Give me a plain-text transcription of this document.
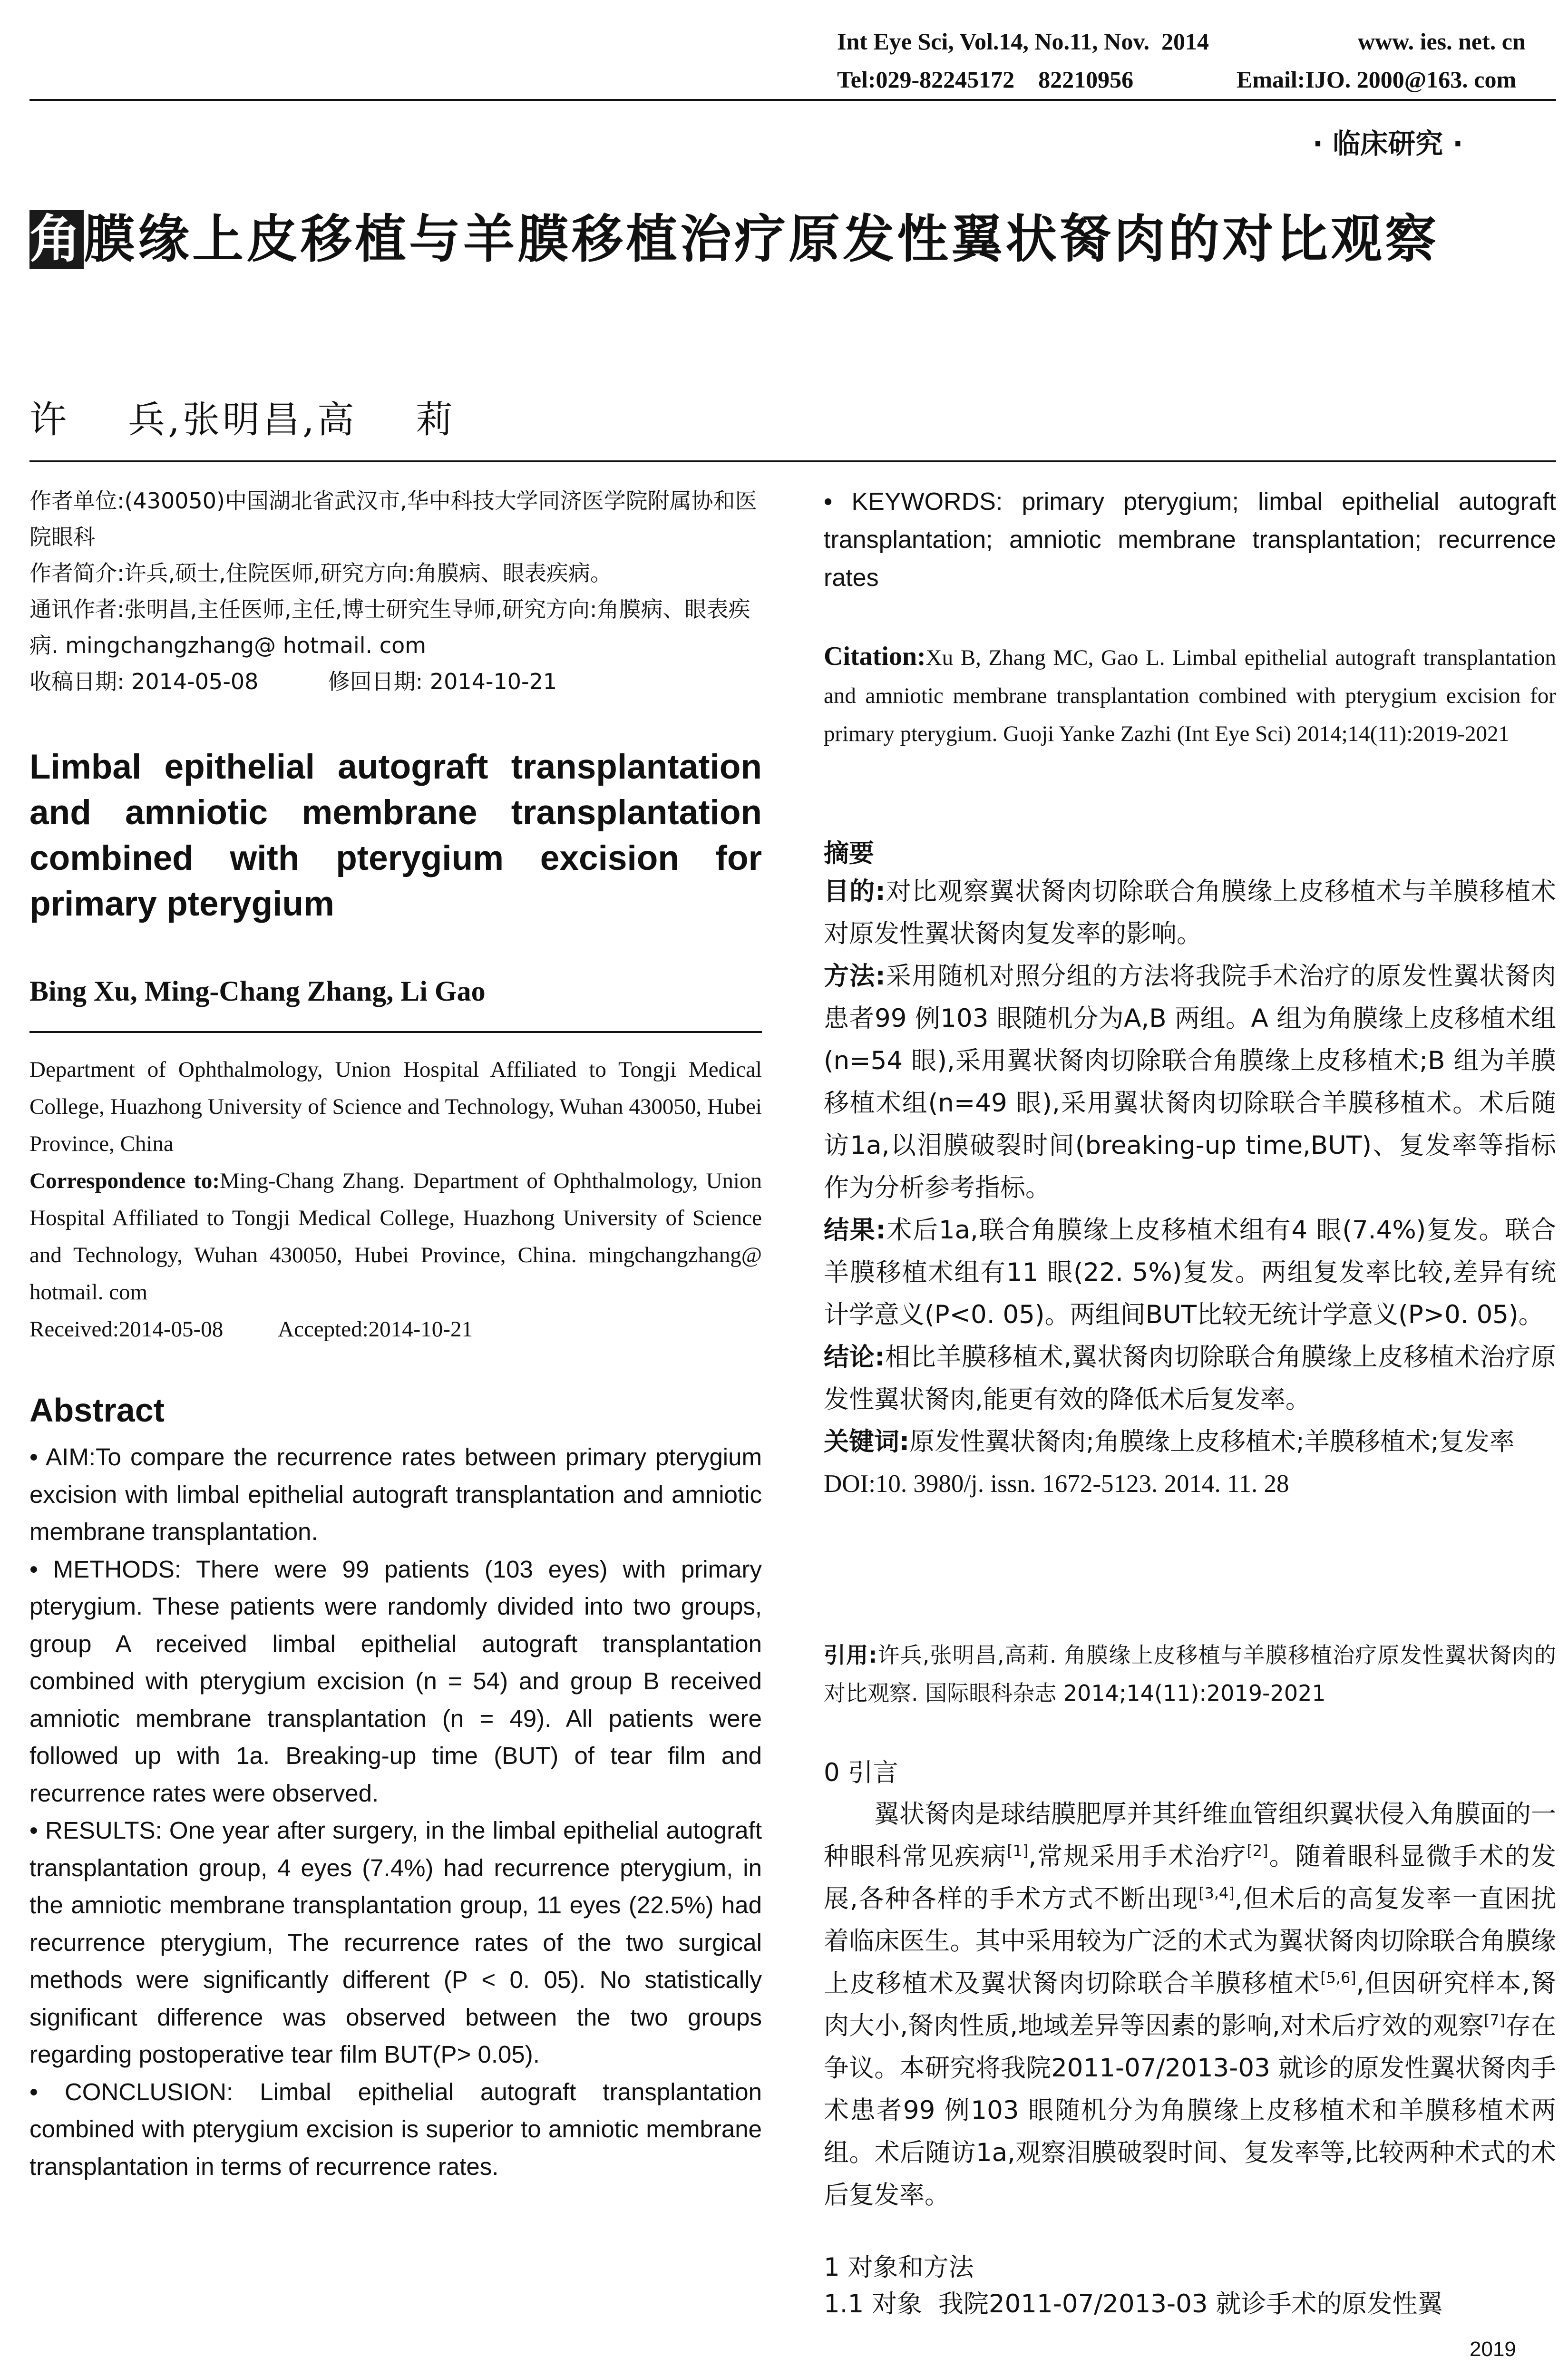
Int Eye Sci, Vol.14, No.11, Nov.  2014	www. ies. net. cn
Tel:029-82245172    82210956	Email:IJO. 2000@163. com
· 临床研究 ·
角膜缘上皮移植与羊膜移植治疗原发性翼状胬肉的对比观察
许    兵,张明昌,高    莉

作者单位:(430050)中国湖北省武汉市,华中科技大学同济医学院附属协和医院眼科

作者简介:许兵,硕士,住院医师,研究方向:角膜病、眼表疾病。

通讯作者:张明昌,主任医师,主任,博士研究生导师,研究方向:角膜病、眼表疾病. mingchangzhang@ hotmail. com

收稿日期: 2014-05-08	修回日期: 2014-10-21

Limbal epithelial autograft transplantation and amniotic membrane transplantation combined with pterygium excision for primary pterygium
Bing Xu, Ming-Chang Zhang, Li Gao

Department of Ophthalmology, Union Hospital Affiliated to Tongji Medical College, Huazhong University of Science and Technology, Wuhan 430050, Hubei Province, China

Correspondence to:Ming-Chang Zhang. Department of Ophthalmology, Union Hospital Affiliated to Tongji Medical College, Huazhong University of Science and Technology, Wuhan 430050, Hubei Province, China. mingchangzhang@ hotmail. com

Received:2014-05-08 Accepted:2014-10-21

Abstract

• AIM:To compare the recurrence rates between primary pterygium excision with limbal epithelial autograft transplantation and amniotic membrane transplantation.

• METHODS: There were 99 patients (103 eyes) with primary pterygium. These patients were randomly divided into two groups, group A received limbal epithelial autograft transplantation combined with pterygium excision (n = 54) and group B received amniotic membrane transplantation (n = 49). All patients were followed up with 1a. Breaking-up time (BUT) of tear film and recurrence rates were observed.

• RESULTS: One year after surgery, in the limbal epithelial autograft transplantation group, 4 eyes (7.4%) had recurrence pterygium, in the amniotic membrane transplantation group, 11 eyes (22.5%) had recurrence pterygium, The recurrence rates of the two surgical methods were significantly different (P < 0. 05). No statistically significant difference was observed between the two groups regarding postoperative tear film BUT(P> 0.05).

• CONCLUSION: Limbal epithelial autograft transplantation combined with pterygium excision is superior to amniotic membrane transplantation in terms of recurrence rates.

• KEYWORDS: primary pterygium; limbal epithelial autograft transplantation; amniotic membrane transplantation; recurrence rates
Citation:Xu B, Zhang MC, Gao L. Limbal epithelial autograft transplantation and amniotic membrane transplantation combined with pterygium excision for primary pterygium. Guoji Yanke Zazhi (Int Eye Sci) 2014;14(11):2019-2021
摘要

目的:对比观察翼状胬肉切除联合角膜缘上皮移植术与羊膜移植术对原发性翼状胬肉复发率的影响。

方法:采用随机对照分组的方法将我院手术治疗的原发性翼状胬肉患者99 例103 眼随机分为A,B 两组。A 组为角膜缘上皮移植术组(n=54 眼),采用翼状胬肉切除联合角膜缘上皮移植术;B 组为羊膜移植术组(n=49 眼),采用翼状胬肉切除联合羊膜移植术。术后随访1a,以泪膜破裂时间(breaking-up time,BUT)、复发率等指标作为分析参考指标。

结果:术后1a,联合角膜缘上皮移植术组有4 眼(7.4%)复发。联合羊膜移植术组有11 眼(22. 5%)复发。两组复发率比较,差异有统计学意义(P<0. 05)。两组间BUT比较无统计学意义(P>0. 05)。

结论:相比羊膜移植术,翼状胬肉切除联合角膜缘上皮移植术治疗原发性翼状胬肉,能更有效的降低术后复发率。

关键词:原发性翼状胬肉;角膜缘上皮移植术;羊膜移植术;复发率

DOI:10. 3980/j. issn. 1672-5123. 2014. 11. 28

引用:许兵,张明昌,高莉. 角膜缘上皮移植与羊膜移植治疗原发性翼状胬肉的对比观察. 国际眼科杂志 2014;14(11):2019-2021
0 引言
翼状胬肉是球结膜肥厚并其纤维血管组织翼状侵入角膜面的一种眼科常见疾病[1],常规采用手术治疗[2]。随着眼科显微手术的发展,各种各样的手术方式不断出现[3,4],但术后的高复发率一直困扰着临床医生。其中采用较为广泛的术式为翼状胬肉切除联合角膜缘上皮移植术及翼状胬肉切除联合羊膜移植术[5,6],但因研究样本,胬肉大小,胬肉性质,地域差异等因素的影响,对术后疗效的观察[7]存在争议。本研究将我院2011-07/2013-03 就诊的原发性翼状胬肉手术患者99 例103 眼随机分为角膜缘上皮移植术和羊膜移植术两组。术后随访1a,观察泪膜破裂时间、复发率等,比较两种术式的术后复发率。
1 对象和方法
1.1 对象 我院2011-07/2013-03 就诊手术的原发性翼
2019
